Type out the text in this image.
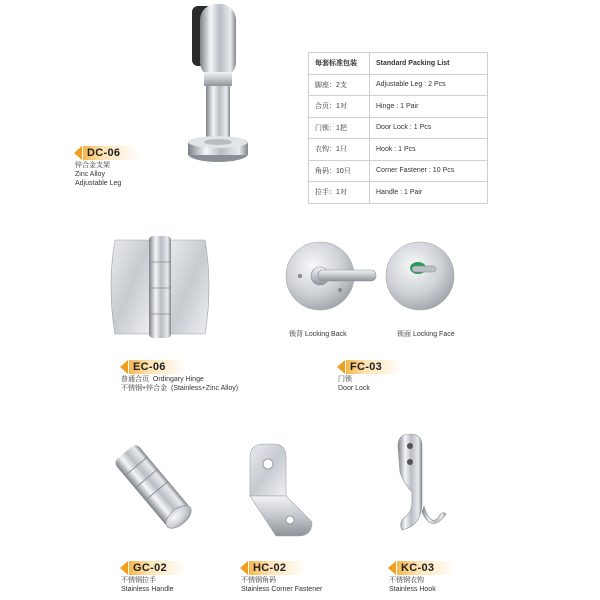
每套标准包装	Standard Packing List
脚座：2支	Adjustable Leg : 2 Pcs
合页：1对	Hinge : 1 Pair
门锁：1把	Door Lock : 1 Pcs
衣钩：1只	Hook : 1 Pcs
角码：10只	Corner Fastener : 10 Pcs
拉手：1对	Handle : 1 Pair
DC-06
锌合金支架
Zinc Alloy
Adjustable Leg
锁背 Locking Back	锁面 Locking Face
EC-06
普通合页 Ordingary Hinge
不锈钢+锌合金 (Stainless+Zinc Alloy)
FC-03
门锁
Door Lock
GC-02
不锈钢拉手
Stainless Handle
HC-02
不锈钢角码
Stainless Corner Fastener
KC-03
不锈钢衣钩
Stainless Hook
